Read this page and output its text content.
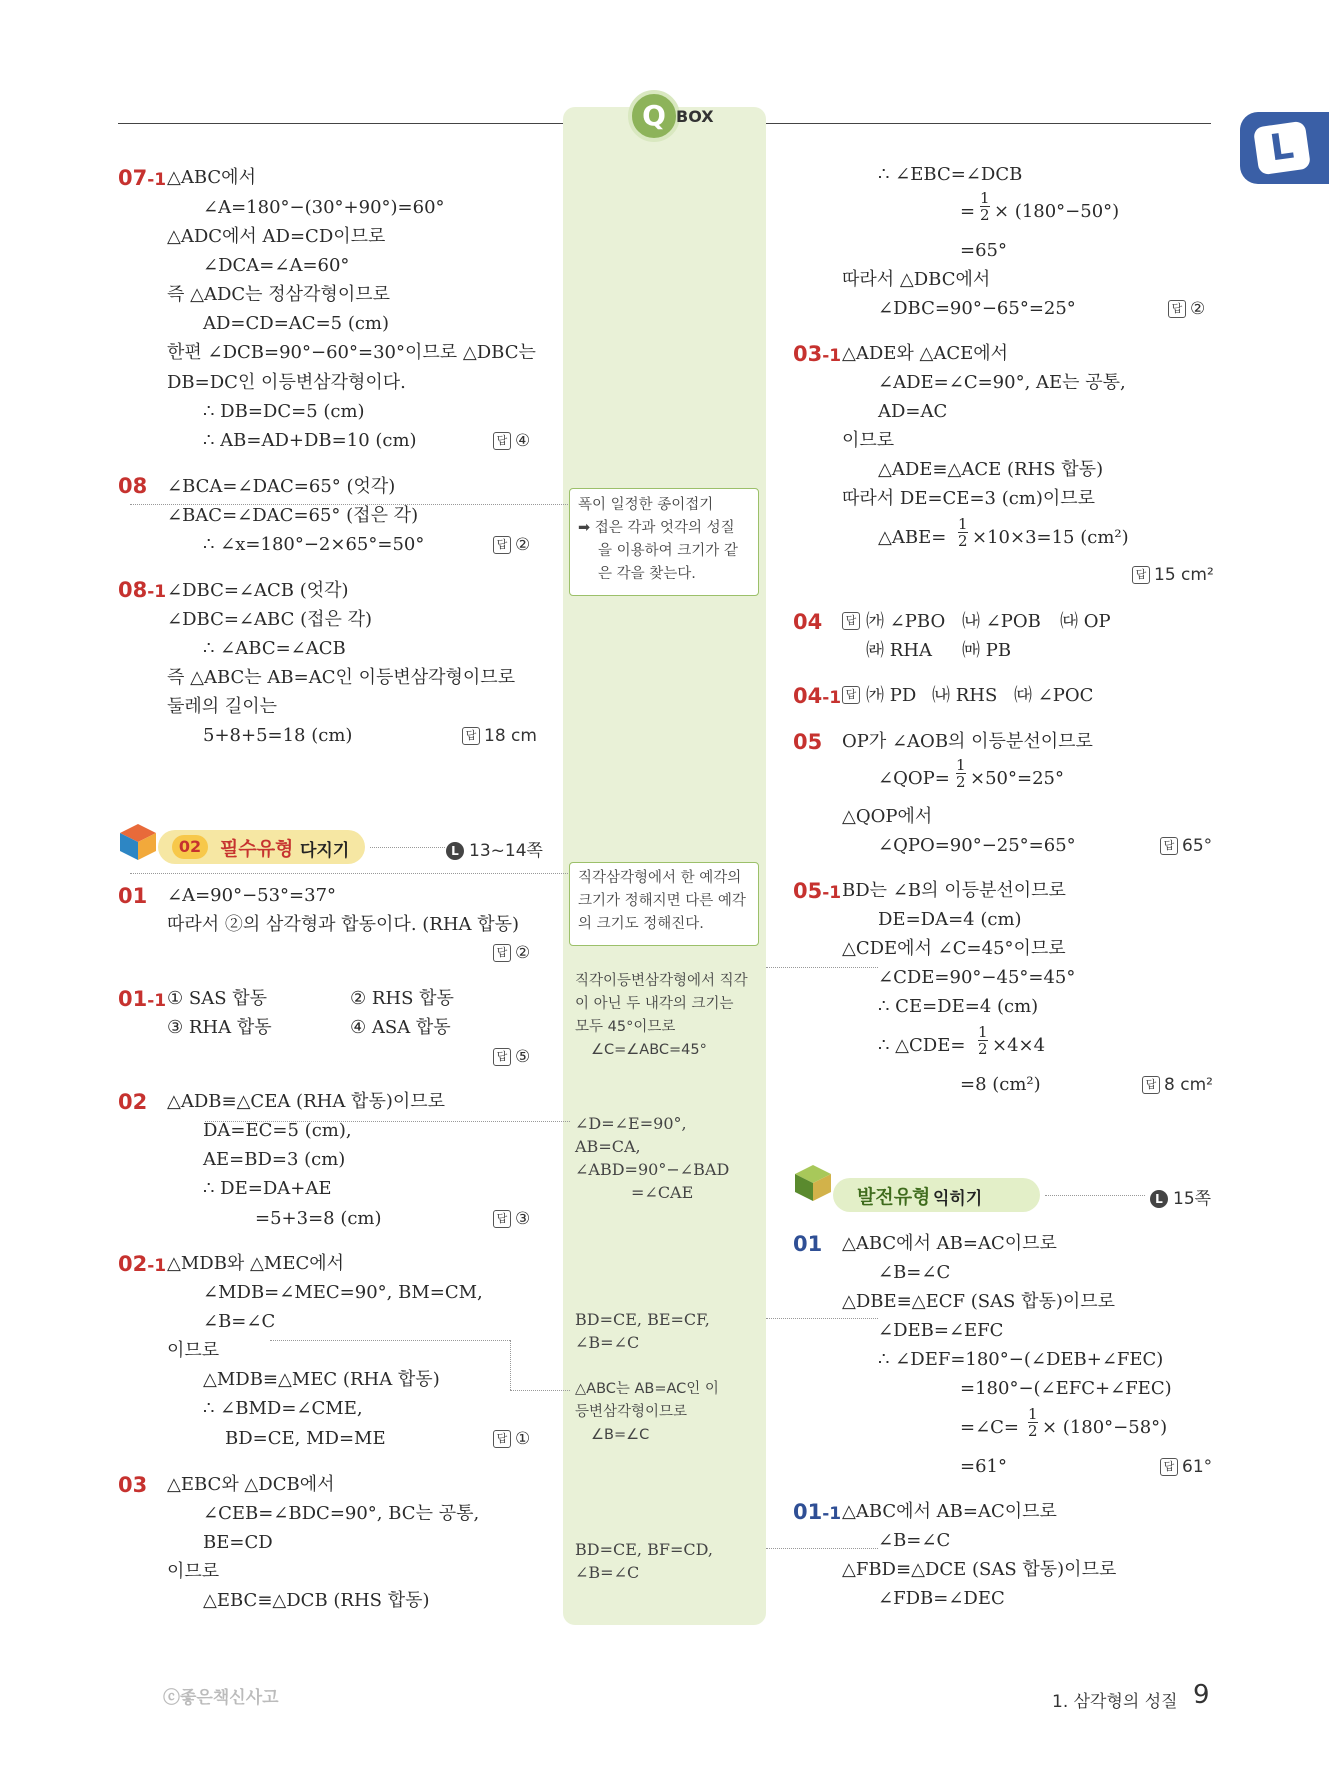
Q BOX
L
07-1 △ABC에서
∠A=180°−(30°+90°)=60°
△ADC에서 AD=CD이므로
∠DCA=∠A=60°
즉 △ADC는 정삼각형이므로
AD=CD=AC=5 (cm)
한편 ∠DCB=90°−60°=30°이므로 △DBC는
DB=DC인 이등변삼각형이다.
∴ DB=DC=5 (cm)
∴ AB=AD+DB=10 (cm)	답 ④
08 ∠BCA=∠DAC=65° (엇각)
∠BAC=∠DAC=65° (접은 각)
∴ ∠x=180°−2×65°=50°	답 ②
08-1 ∠DBC=∠ACB (엇각)
∠DBC=∠ABC (접은 각)
∴ ∠ABC=∠ACB
즉 △ABC는 AB=AC인 이등변삼각형이므로
둘레의 길이는
5+8+5=18 (cm)	답 18 cm
02 필수유형 다지기	L 13~14쪽
01 ∠A=90°−53°=37°
따라서 ②의 삼각형과 합동이다. (RHA 합동)
답 ②
01-1 ① SAS 합동	② RHS 합동
③ RHA 합동	④ ASA 합동
답 ⑤
02 △ADB≡△CEA (RHA 합동)이므로
DA=EC=5 (cm),
AE=BD=3 (cm)
∴ DE=DA+AE
=5+3=8 (cm)	답 ③
02-1 △MDB와 △MEC에서
∠MDB=∠MEC=90°, BM=CM,
∠B=∠C
이므로
△MDB≡△MEC (RHA 합동)
∴ ∠BMD=∠CME,
BD=CE, MD=ME	답 ①
03 △EBC와 △DCB에서
∠CEB=∠BDC=90°, BC는 공통,
BE=CD
이므로
△EBC≡△DCB (RHS 합동)
폭이 일정한 종이접기
➡ 접은 각과 엇각의 성질
을 이용하여 크기가 같
은 각을 찾는다.
직각삼각형에서 한 예각의
크기가 정해지면 다른 예각
의 크기도 정해진다.
직각이등변삼각형에서 직각
이 아닌 두 내각의 크기는
모두 45°이므로
∠C=∠ABC=45°
∠D=∠E=90°,
AB=CA,
∠ABD=90°−∠BAD
=∠CAE
BD=CE, BE=CF,
∠B=∠C
△ABC는 AB=AC인 이
등변삼각형이므로
∠B=∠C
BD=CE, BF=CD,
∠B=∠C
∴ ∠EBC=∠DCB
= $\frac{1}{2} \times (180^\circ-50^\circ)$
=65°
따라서 △DBC에서
∠DBC=90°−65°=25°	답 ②
03-1 △ADE와 △ACE에서
∠ADE=∠C=90°, AE는 공통,
AD=AC
이므로
△ADE≡△ACE (RHS 합동)
따라서 DE=CE=3 (cm)이므로
△ABE= $\frac{1}{2} \times 10\times 3=15$ (cm²)
답 15 cm²
04	답 ㈎ ∠PBO ㈏ ∠POB ㈐ OP
㈑ RHA ㈒ PB
04-1 답 ㈎ PD ㈏ RHS ㈐ ∠POC
05 OP가 ∠AOB의 이등분선이므로
∠QOP= $\frac{1}{2} \times 50^\circ=25^\circ$
△QOP에서
∠QPO=90°−25°=65°	답 65°
05-1 BD는 ∠B의 이등분선이므로
DE=DA=4 (cm)
△CDE에서 ∠C=45°이므로
∠CDE=90°−45°=45°
∴ CE=DE=4 (cm)
∴ △CDE= $\frac{1}{2} \times 4\times 4$
=8 (cm²)	답 8 cm²
발전유형 익히기	L 15쪽
01 △ABC에서 AB=AC이므로
∠B=∠C
△DBE≡△ECF (SAS 합동)이므로
∠DEB=∠EFC
∴ ∠DEF=180°−(∠DEB+∠FEC)
=180°−(∠EFC+∠FEC)
=∠C= $\frac{1}{2} \times (180^\circ-58^\circ)$
=61°	답 61°
01-1 △ABC에서 AB=AC이므로
∠B=∠C
△FBD≡△DCE (SAS 합동)이므로
∠FDB=∠DEC
ⓒ좋은책신사고	1. 삼각형의 성질 9
